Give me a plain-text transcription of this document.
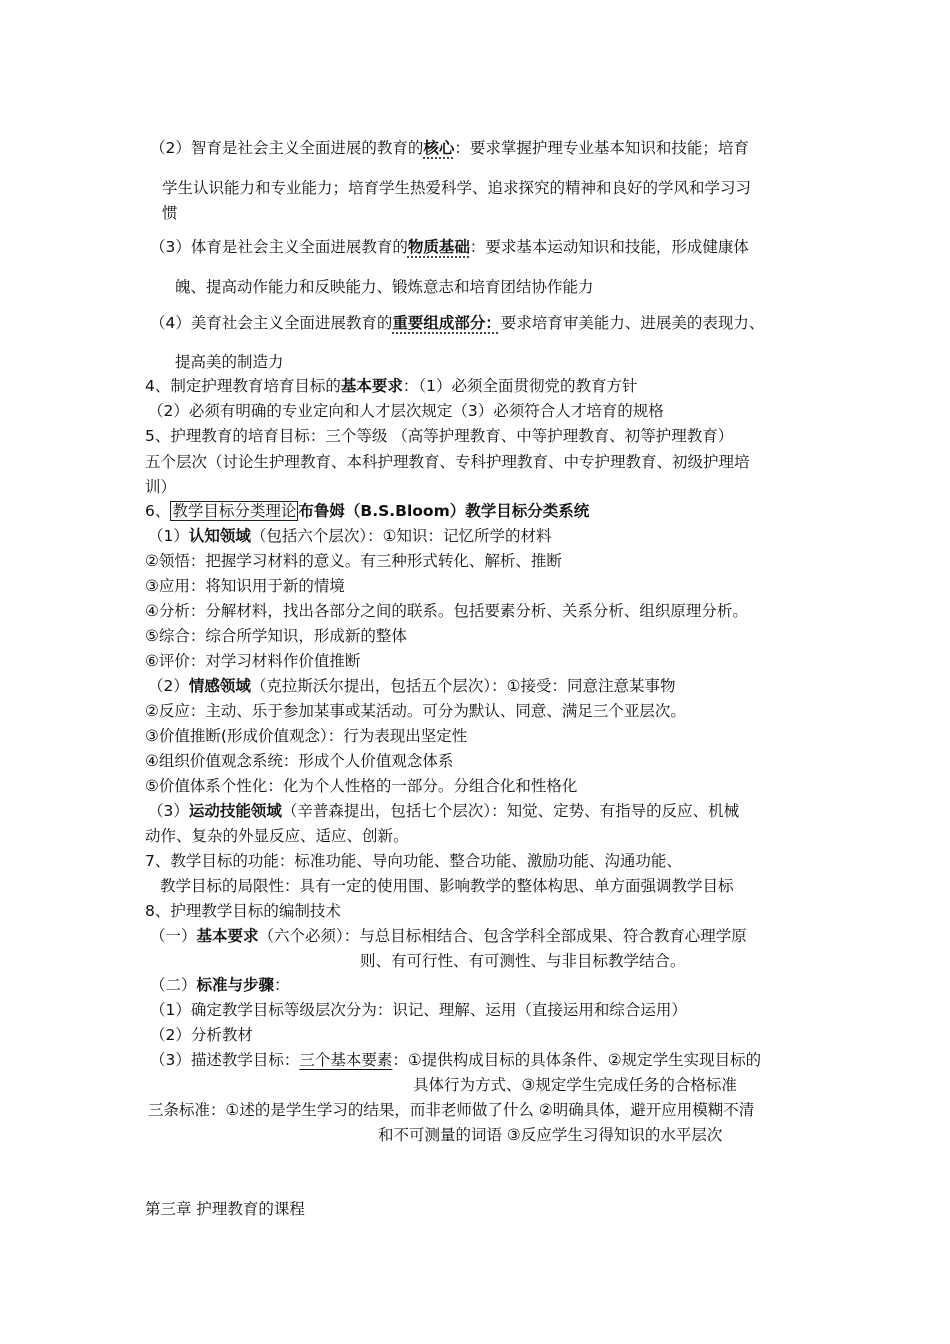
（2）智育是社会主义全面进展的教育的核心：要求掌握护理专业基本知识和技能；培育
学生认识能力和专业能力；培育学生热爱科学、追求探究的精神和良好的学风和学习习
惯
（3）体育是社会主义全面进展教育的物质基础：要求基本运动知识和技能，形成健康体
魄、提高动作能力和反映能力、锻炼意志和培育团结协作能力
（4）美育社会主义全面进展教育的重要组成部分：要求培育审美能力、进展美的表现力、
提高美的制造力
4、制定护理教育培育目标的基本要求：（1）必须全面贯彻党的教育方针
（2）必须有明确的专业定向和人才层次规定（3）必须符合人才培育的规格
5、护理教育的培育目标：三个等级 （高等护理教育、中等护理教育、初等护理教育）
五个层次（讨论生护理教育、本科护理教育、专科护理教育、中专护理教育、初级护理培
训）
6、 教学目标分类理论 布鲁姆（B.S.Bloom）教学目标分类系统
（1）认知领域（包括六个层次）：①知识：记忆所学的材料
②领悟：把握学习材料的意义。有三种形式转化、解析、推断
③应用：将知识用于新的情境
④分析：分解材料，找出各部分之间的联系。包括要素分析、关系分析、组织原理分析。
⑤综合：综合所学知识，形成新的整体
⑥评价：对学习材料作价值推断
（2）情感领域（克拉斯沃尔提出，包括五个层次）：①接受：同意注意某事物
②反应：主动、乐于参加某事或某活动。可分为默认、同意、满足三个亚层次。
③价值推断(形成价值观念）：行为表现出坚定性
④组织价值观念系统：形成个人价值观念体系
⑤价值体系个性化：化为个人性格的一部分。分组合化和性格化
（3）运动技能领域（辛普森提出，包括七个层次）：知觉、定势、有指导的反应、机械
动作、复杂的外显反应、适应、创新。
7、教学目标的功能：标准功能、导向功能、整合功能、激励功能、沟通功能、
教学目标的局限性：具有一定的使用围、影响教学的整体构思、单方面强调教学目标
8、护理教学目标的编制技术
（一）基本要求（六个必须）：与总目标相结合、包含学科全部成果、符合教育心理学原
则、有可行性、有可测性、与非目标教学结合。
（二）标准与步骤：
（1）确定教学目标等级层次分为：识记、理解、运用（直接运用和综合运用）
（2）分析教材
（3）描述教学目标：三个基本要素：①提供构成目标的具体条件、②规定学生实现目标的
具体行为方式、③规定学生完成任务的合格标准
三条标准：①述的是学生学习的结果，而非老师做了什么 ②明确具体，避开应用模糊不清
和不可测量的词语 ③反应学生习得知识的水平层次
第三章 护理教育的课程
